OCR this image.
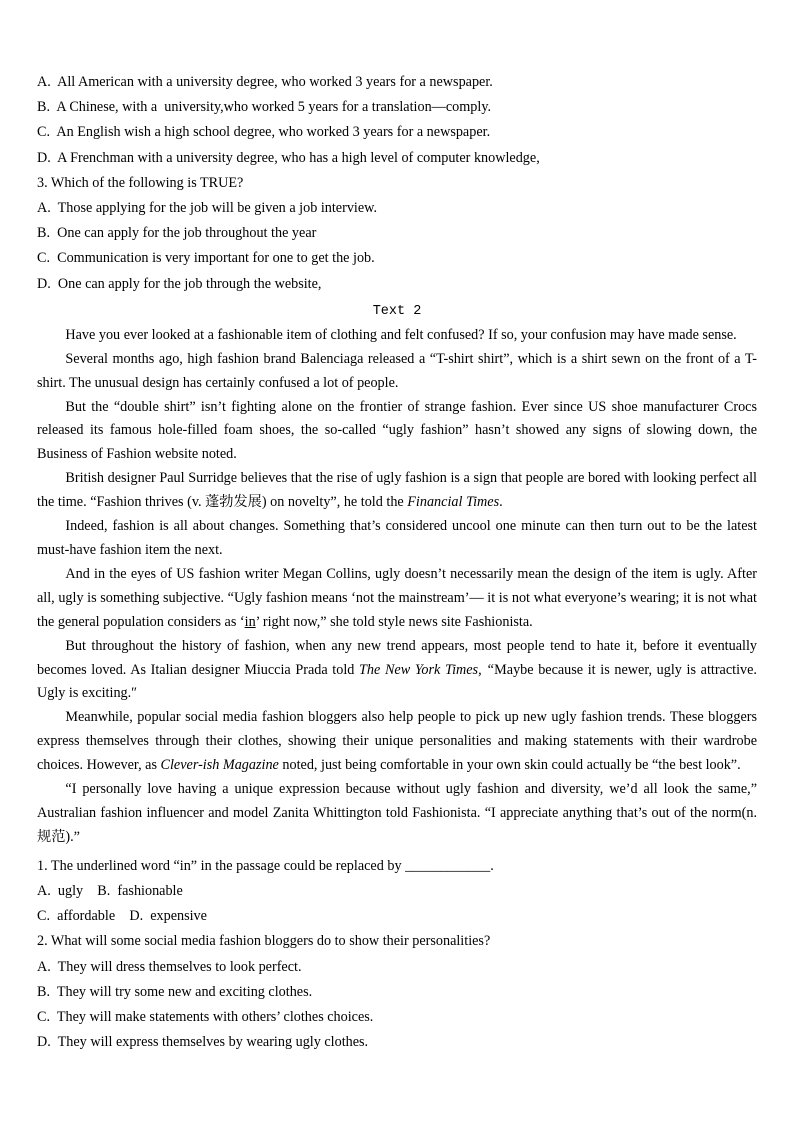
A.  All American with a university degree, who worked 3 years for a newspaper.

B.  A Chinese, with a  university,who worked 5 years for a translation—comply.

C.  An English wish a high school degree, who worked 3 years for a newspaper.

D.  A Frenchman with a university degree, who has a high level of computer knowledge,

3. Which of the following is TRUE?

A.  Those applying for the job will be given a job interview.

B.  One can apply for the job throughout the year

C.  Communication is very important for one to get the job.

D.  One can apply for the job through the website,

Text 2

Have you ever looked at a fashionable item of clothing and felt confused? If so, your confusion may have made sense.

Several months ago, high fashion brand Balenciaga released a “T-shirt shirt”, which is a shirt sewn on the front of a T-shirt. The unusual design has certainly confused a lot of people.

But the “double shirt” isn’t fighting alone on the frontier of strange fashion. Ever since US shoe manufacturer Crocs released its famous hole-filled foam shoes, the so-called “ugly fashion” hasn’t showed any signs of slowing down, the Business of Fashion website noted.

British designer Paul Surridge believes that the rise of ugly fashion is a sign that people are bored with looking perfect all the time. “Fashion thrives (v. 蓬勃发展) on novelty”, he told the Financial Times.

Indeed, fashion is all about changes. Something that’s considered uncool one minute can then turn out to be the latest must-have fashion item the next.

And in the eyes of US fashion writer Megan Collins, ugly doesn’t necessarily mean the design of the item is ugly. After all, ugly is something subjective. “Ugly fashion means ‘not the mainstream’— it is not what everyone’s wearing; it is not what the general population considers as ‘in’ right now,” she told style news site Fashionista.

But throughout the history of fashion, when any new trend appears, most people tend to hate it, before it eventually becomes loved. As Italian designer Miuccia Prada told The New York Times, “Maybe because it is newer, ugly is attractive. Ugly is exciting.″

Meanwhile, popular social media fashion bloggers also help people to pick up new ugly fashion trends. These bloggers express themselves through their clothes, showing their unique personalities and making statements with their wardrobe choices. However, as Clever-ish Magazine noted, just being comfortable in your own skin could actually be “the best look”.

“I personally love having a unique expression because without ugly fashion and diversity, we’d all look the same,” Australian fashion influencer and model Zanita Whittington told Fashionista. “I appreciate anything that’s out of the norm(n. 规范).”

1. The underlined word “in” in the passage could be replaced by ____________.

A.  ugly    B.  fashionable

C.  affordable    D.  expensive

2. What will some social media fashion bloggers do to show their personalities?

A.  They will dress themselves to look perfect.

B.  They will try some new and exciting clothes.

C.  They will make statements with others’ clothes choices.

D.  They will express themselves by wearing ugly clothes.
